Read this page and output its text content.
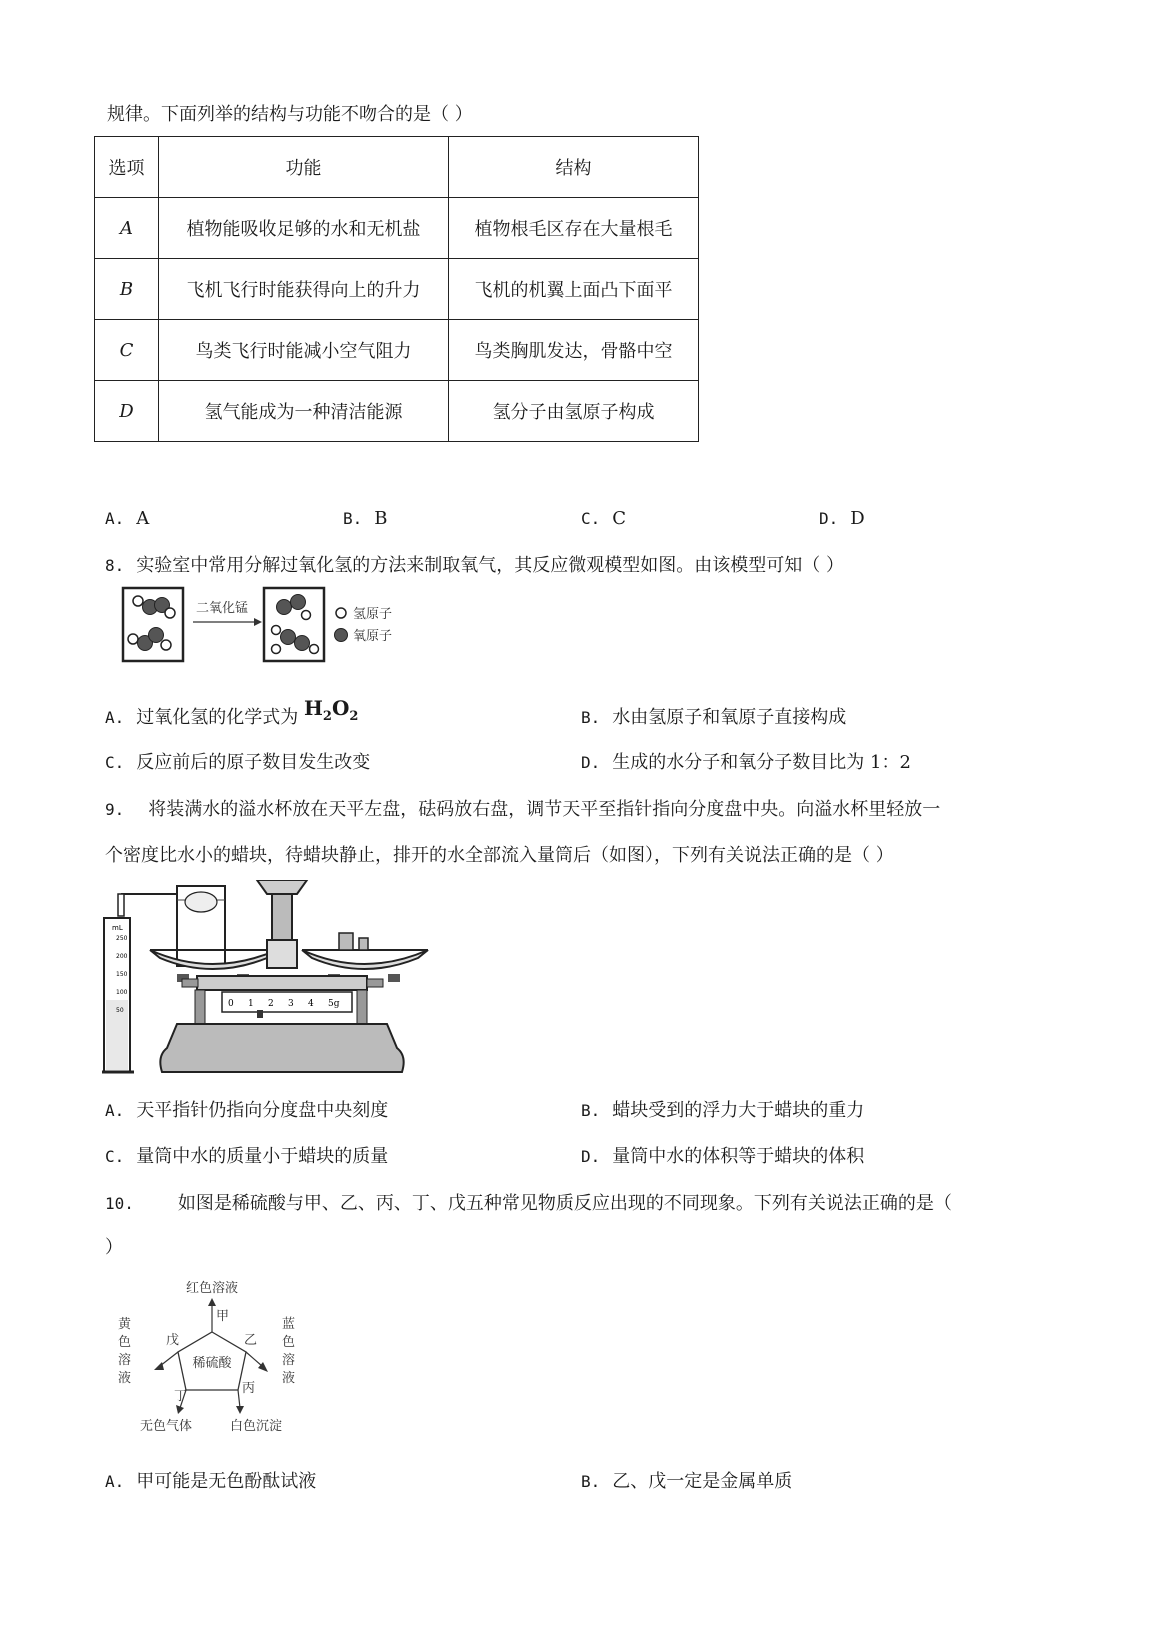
规律。下面列举的结构与功能不吻合的是（ ）
选项	功能	结构
A	植物能吸收足够的水和无机盐	植物根毛区存在大量根毛
B	飞机飞行时能获得向上的升力	飞机的机翼上面凸下面平
C	鸟类飞行时能减小空气阻力	鸟类胸肌发达，骨骼中空
D	氢气能成为一种清洁能源	氢分子由氢原子构成
A. A	B. B	C. C	D. D
8. 实验室中常用分解过氧化氢的方法来制取氧气，其反应微观模型如图。由该模型可知（ ）
二氧化锰	氢原子
氧原子
A. 过氧化氢的化学式为 $H_2O_2$	B. 水由氢原子和氧原子直接构成
C. 反应前后的原子数目发生改变	D. 生成的水分子和氧分子数目比为 1：2
9. 将装满水的溢水杯放在天平左盘，砝码放右盘，调节天平至指针指向分度盘中央。向溢水杯里轻放一
个密度比水小的蜡块，待蜡块静止，排开的水全部流入量筒后（如图），下列有关说法正确的是（ ）
0 1 2 3 4 5g
mL
250
200
150
100
50
A. 天平指针仍指向分度盘中央刻度	B. 蜡块受到的浮力大于蜡块的重力
C. 量筒中水的质量小于蜡块的质量	D. 量筒中水的体积等于蜡块的体积
10. 如图是稀硫酸与甲、乙、丙、丁、戊五种常见物质反应出现的不同现象。下列有关说法正确的是（
）
稀硫酸
甲
乙
丙
丁
戊
红色溶液
蓝
色
溶
液
黄
色
溶
液
白色沉淀
无色气体
A. 甲可能是无色酚酞试液	B. 乙、戊一定是金属单质
